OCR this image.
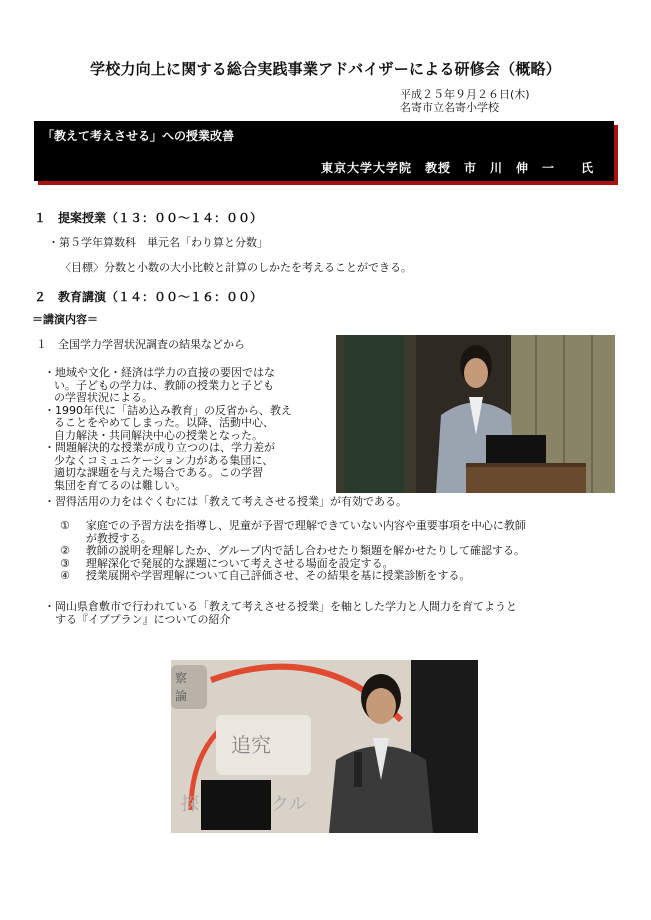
学校力向上に関する総合実践事業アドバイザーによる研修会（概略）
平成２５年９月２６日(木)
名寄市立名寄小学校
「教えて考えさせる」への授業改善
東京大学大学院　教授　市　川　伸　一　　氏
１　提案授業（１３：００～１４：００）
・第５学年算数科　単元名「わり算と分数」
〈目標〉分数と小数の大小比較と計算のしかたを考えることができる。
２　教育講演（１４：００～１６：００）
＝講演内容＝
１　全国学力学習状況調査の結果などから
・地域や文化・経済は学力の直接の要因ではな
い。子どもの学力は、教師の授業力と子ども
の学習状況による。
・1990年代に「詰め込み教育」の反省から、教え
ることをやめてしまった。以降、活動中心、
自力解決・共同解決中心の授業となった。
・問題解決的な授業が成り立つのは、学力差が
少なくコミュニケーション力がある集団に、
適切な課題を与えた場合である。この学習
集団を育てるのは難しい。
・習得活用の力をはぐくむには「教えて考えさせる授業」が有効である。
① 家庭での予習方法を指導し、児童が予習で理解できていない内容や重要事項を中心に教師
が教授する。
② 教師の説明を理解したか、グループ内で話し合わせたり類題を解かせたりして確認する。
③ 理解深化で発展的な課題について考えさせる場面を設定する。
④ 授業展開や学習理解について自己評価させ、その結果を基に授業診断をする。
・岡山県倉敷市で行われている「教えて考えさせる授業」を軸とした学力と人間力を育てようと
　する『イブプラン』についての紹介
察
論
追究
探	クル
